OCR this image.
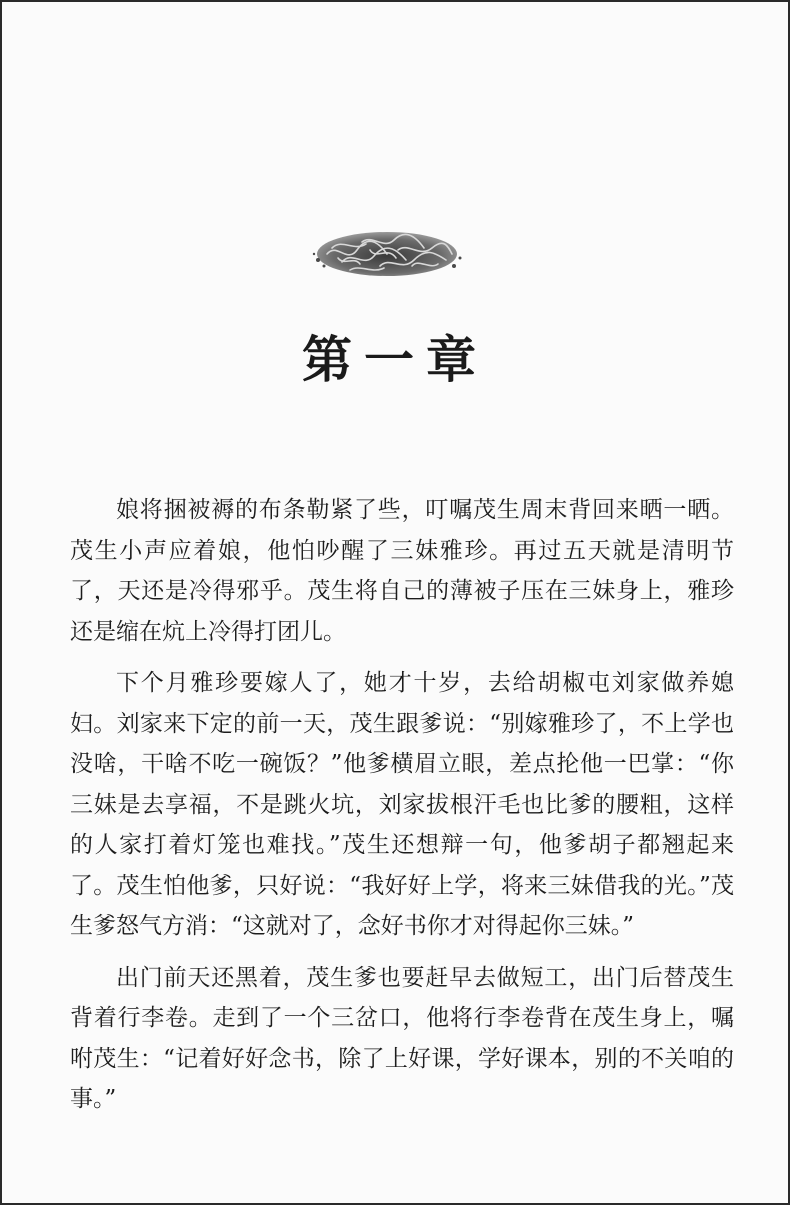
第一章

娘将捆被褥的布条勒紧了些，叮嘱茂生周末背回来晒一晒。茂生小声应着娘，他怕吵醒了三妹雅珍。再过五天就是清明节了，天还是冷得邪乎。茂生将自己的薄被子压在三妹身上，雅珍还是缩在炕上冷得打团儿。

下个月雅珍要嫁人了，她才十岁，去给胡椒屯刘家做养媳妇。刘家来下定的前一天，茂生跟爹说：“别嫁雅珍了，不上学也没啥，干啥不吃一碗饭？”他爹横眉立眼，差点抡他一巴掌：“你三妹是去享福，不是跳火坑，刘家拔根汗毛也比爹的腰粗，这样的人家打着灯笼也难找。”茂生还想辩一句，他爹胡子都翘起来了。茂生怕他爹，只好说：“我好好上学，将来三妹借我的光。”茂生爹怒气方消：“这就对了，念好书你才对得起你三妹。”

出门前天还黑着，茂生爹也要赶早去做短工，出门后替茂生背着行李卷。走到了一个三岔口，他将行李卷背在茂生身上，嘱咐茂生：“记着好好念书，除了上好课，学好课本，别的不关咱的事。”
